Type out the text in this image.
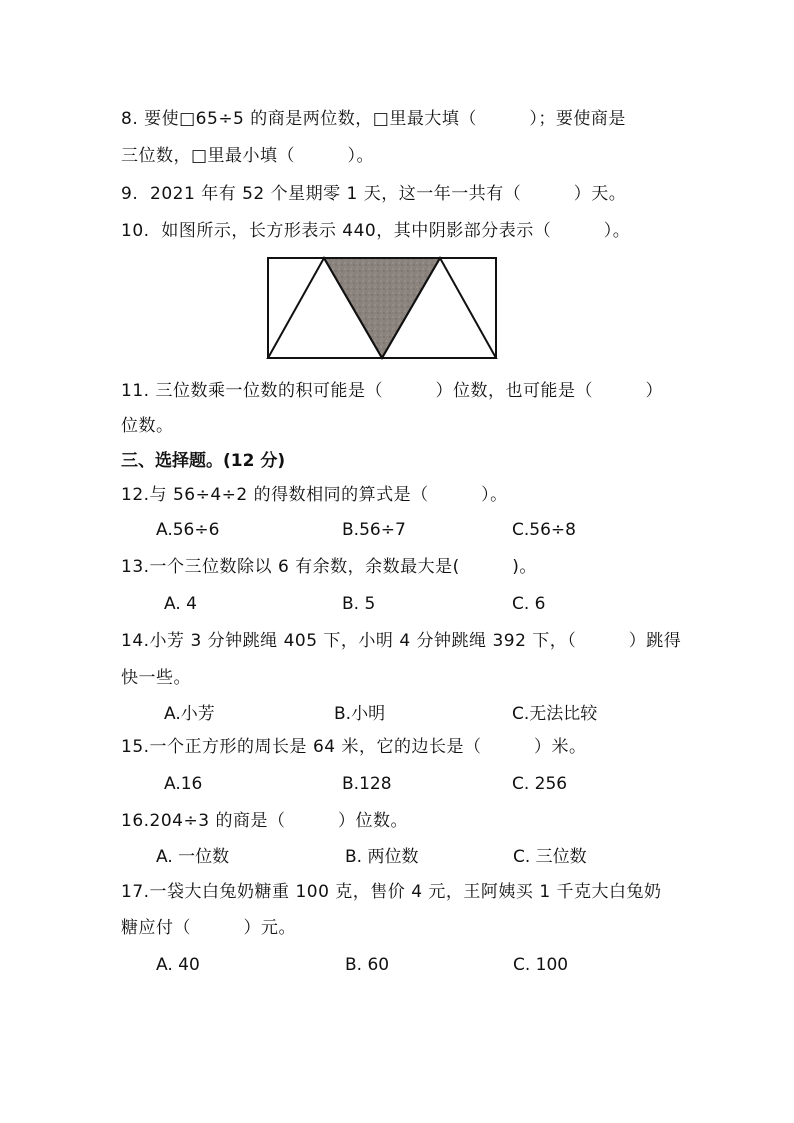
8. 要使□65÷5 的商是两位数，□里最大填（　　　）；要使商是
三位数，□里最小填（　　　）。
9.  2021 年有 52 个星期零 1 天，这一年一共有（　　　）天。
10.  如图所示，长方形表示 440，其中阴影部分表示（　　　）。
11. 三位数乘一位数的积可能是（　　　）位数，也可能是（　　　）
位数。
三、选择题。(12 分)
12.与 56÷4÷2 的得数相同的算式是（　　　）。
A.56÷6	B.56÷7	C.56÷8
13.一个三位数除以 6 有余数，余数最大是(　　　)。
A. 4	B. 5	C. 6
14.小芳 3 分钟跳绳 405 下，小明 4 分钟跳绳 392 下，（　　　）跳得
快一些。
A.小芳	B.小明	C.无法比较
15.一个正方形的周长是 64 米，它的边长是（　　　）米。
A.16	B.128	C. 256
16.204÷3 的商是（　　　）位数。
A. 一位数	B. 两位数	C. 三位数
17.一袋大白兔奶糖重 100 克，售价 4 元，王阿姨买 1 千克大白兔奶
糖应付（　　　）元。
A. 40	B. 60	C. 100
